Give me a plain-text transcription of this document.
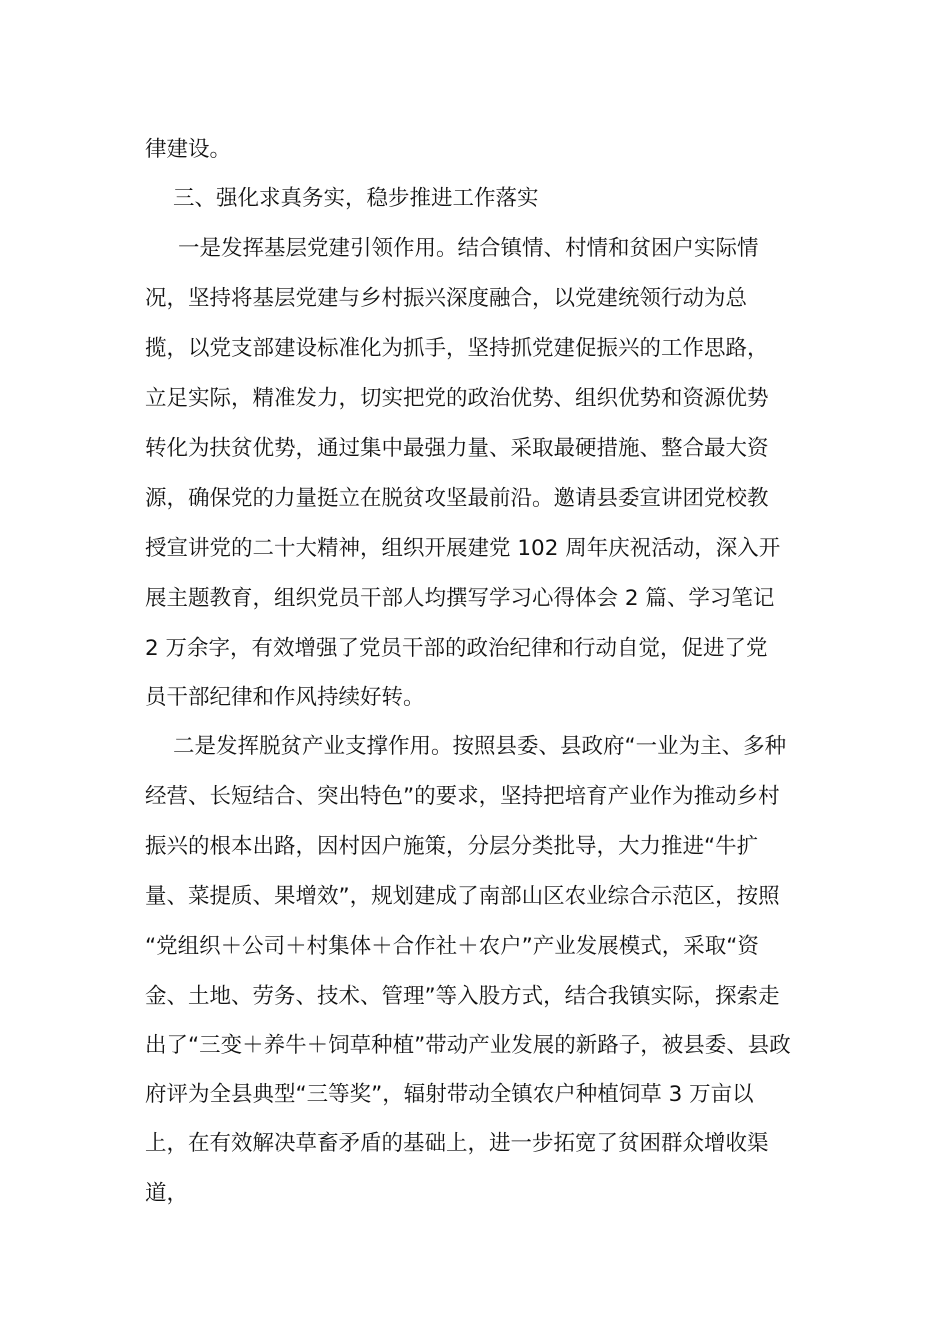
律建设。
三、强化求真务实，稳步推进工作落实
一是发挥基层党建引领作用。结合镇情、村情和贫困户实际情
况，坚持将基层党建与乡村振兴深度融合，以党建统领行动为总
揽，以党支部建设标准化为抓手，坚持抓党建促振兴的工作思路，
立足实际，精准发力，切实把党的政治优势、组织优势和资源优势
转化为扶贫优势，通过集中最强力量、采取最硬措施、整合最大资
源，确保党的力量挺立在脱贫攻坚最前沿。邀请县委宣讲团党校教
授宣讲党的二十大精神，组织开展建党 102 周年庆祝活动，深入开
展主题教育，组织党员干部人均撰写学习心得体会 2 篇、学习笔记
2 万余字，有效增强了党员干部的政治纪律和行动自觉，促进了党
员干部纪律和作风持续好转。
二是发挥脱贫产业支撑作用。按照县委、县政府“一业为主、多种
经营、长短结合、突出特色”的要求，坚持把培育产业作为推动乡村
振兴的根本出路，因村因户施策，分层分类批导，大力推进“牛扩
量、菜提质、果增效”，规划建成了南部山区农业综合示范区，按照
“党组织＋公司＋村集体＋合作社＋农户”产业发展模式，采取“资
金、土地、劳务、技术、管理”等入股方式，结合我镇实际，探索走
出了“三变＋养牛＋饲草种植”带动产业发展的新路子，被县委、县政
府评为全县典型“三等奖”，辐射带动全镇农户种植饲草 3 万亩以
上，在有效解决草畜矛盾的基础上，进一步拓宽了贫困群众增收渠
道，
